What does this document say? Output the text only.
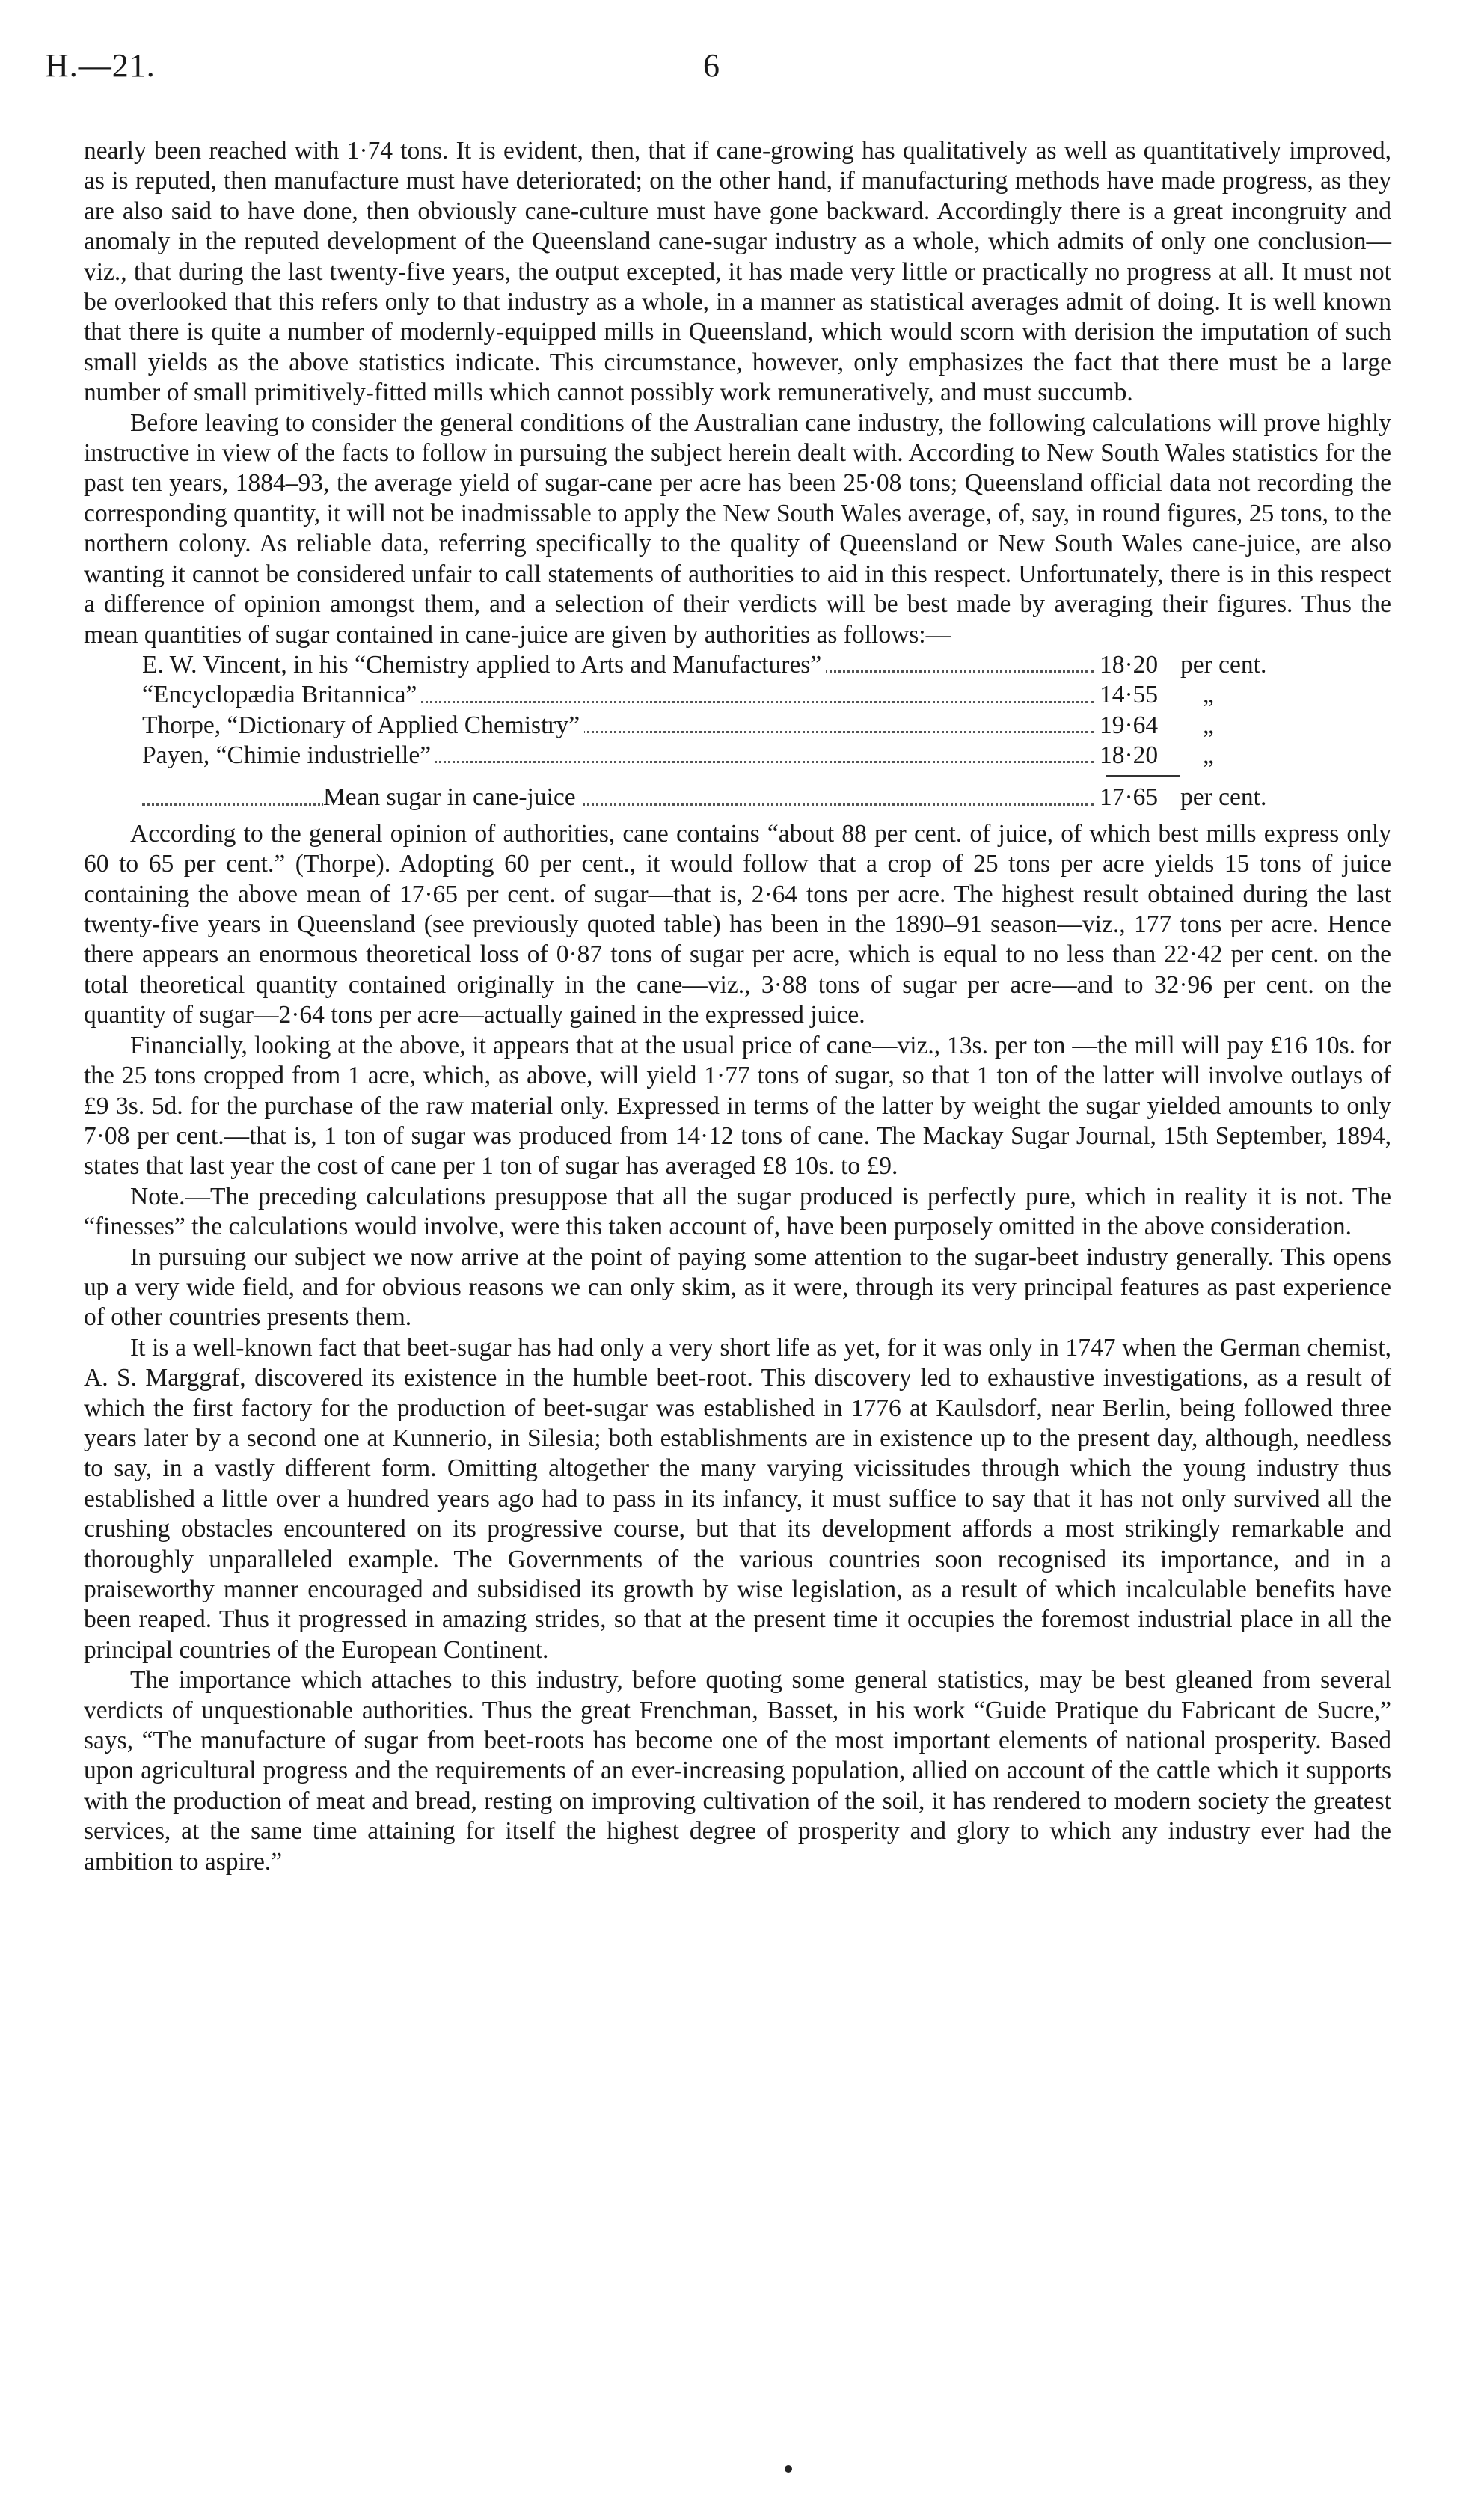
H.—21.	6

nearly been reached with 1·74 tons. It is evident, then, that if cane-growing has qualitatively as well as quantitatively improved, as is reputed, then manufacture must have deteriorated; on the other hand, if manufacturing methods have made progress, as they are also said to have done, then obviously cane-culture must have gone backward. Accordingly there is a great incongruity and anomaly in the reputed development of the Queensland cane-sugar industry as a whole, which admits of only one conclusion—viz., that during the last twenty-five years, the output excepted, it has made very little or practically no progress at all. It must not be overlooked that this refers only to that industry as a whole, in a manner as statistical averages admit of doing. It is well known that there is quite a number of modernly-equipped mills in Queensland, which would scorn with derision the imputation of such small yields as the above statistics indicate. This circumstance, however, only emphasizes the fact that there must be a large number of small primitively-fitted mills which cannot possibly work remuneratively, and must succumb.

Before leaving to consider the general conditions of the Australian cane industry, the following calculations will prove highly instructive in view of the facts to follow in pursuing the subject herein dealt with. According to New South Wales statistics for the past ten years, 1884–93, the average yield of sugar-cane per acre has been 25·08 tons; Queensland official data not recording the corresponding quantity, it will not be inadmissable to apply the New South Wales average, of, say, in round figures, 25 tons, to the northern colony. As reliable data, referring specifically to the quality of Queensland or New South Wales cane-juice, are also wanting it cannot be considered unfair to call statements of authorities to aid in this respect. Unfortunately, there is in this respect a difference of opinion amongst them, and a selection of their verdicts will be best made by averaging their figures. Thus the mean quantities of sugar contained in cane-juice are given by authorities as follows:—

E. W. Vincent, in his “Chemistry applied to Arts and Manufactures”	18·20 per cent.
“Encyclopædia Britannica”	14·55	„
Thorpe, “Dictionary of Applied Chemistry”	19·64	„
Payen, “Chimie industrielle”	18·20	„
Mean sugar in cane-juice	17·65 per cent.

According to the general opinion of authorities, cane contains “about 88 per cent. of juice, of which best mills express only 60 to 65 per cent.” (Thorpe). Adopting 60 per cent., it would follow that a crop of 25 tons per acre yields 15 tons of juice containing the above mean of 17·65 per cent. of sugar—that is, 2·64 tons per acre. The highest result obtained during the last twenty-five years in Queensland (see previously quoted table) has been in the 1890–91 season—viz., 177 tons per acre. Hence there appears an enormous theoretical loss of 0·87 tons of sugar per acre, which is equal to no less than 22·42 per cent. on the total theoretical quantity contained originally in the cane—viz., 3·88 tons of sugar per acre—and to 32·96 per cent. on the quantity of sugar—2·64 tons per acre—actually gained in the expressed juice.

Financially, looking at the above, it appears that at the usual price of cane—viz., 13s. per ton —the mill will pay £16 10s. for the 25 tons cropped from 1 acre, which, as above, will yield 1·77 tons of sugar, so that 1 ton of the latter will involve outlays of £9 3s. 5d. for the purchase of the raw material only. Expressed in terms of the latter by weight the sugar yielded amounts to only 7·08 per cent.—that is, 1 ton of sugar was produced from 14·12 tons of cane. The Mackay Sugar Journal, 15th September, 1894, states that last year the cost of cane per 1 ton of sugar has averaged £8 10s. to £9.

Note.—The preceding calculations presuppose that all the sugar produced is perfectly pure, which in reality it is not. The “finesses” the calculations would involve, were this taken account of, have been purposely omitted in the above consideration.

In pursuing our subject we now arrive at the point of paying some attention to the sugar-beet industry generally. This opens up a very wide field, and for obvious reasons we can only skim, as it were, through its very principal features as past experience of other countries presents them.

It is a well-known fact that beet-sugar has had only a very short life as yet, for it was only in 1747 when the German chemist, A. S. Marggraf, discovered its existence in the humble beet-root. This discovery led to exhaustive investigations, as a result of which the first factory for the production of beet-sugar was established in 1776 at Kaulsdorf, near Berlin, being followed three years later by a second one at Kunnerio, in Silesia; both establishments are in existence up to the present day, although, needless to say, in a vastly different form. Omitting altogether the many varying vicissitudes through which the young industry thus established a little over a hundred years ago had to pass in its infancy, it must suffice to say that it has not only survived all the crushing obstacles encountered on its progressive course, but that its development affords a most strikingly remarkable and thoroughly unparalleled example. The Governments of the various countries soon recognised its importance, and in a praiseworthy manner encouraged and subsidised its growth by wise legislation, as a result of which incalculable benefits have been reaped. Thus it progressed in amazing strides, so that at the present time it occupies the foremost industrial place in all the principal countries of the European Continent.

The importance which attaches to this industry, before quoting some general statistics, may be best gleaned from several verdicts of unquestionable authorities. Thus the great Frenchman, Basset, in his work “Guide Pratique du Fabricant de Sucre,” says, “The manufacture of sugar from beet-roots has become one of the most important elements of national prosperity. Based upon agricultural progress and the requirements of an ever-increasing population, allied on account of the cattle which it supports with the production of meat and bread, resting on improving cultivation of the soil, it has rendered to modern society the greatest services, at the same time attaining for itself the highest degree of prosperity and glory to which any industry ever had the ambition to aspire.”
